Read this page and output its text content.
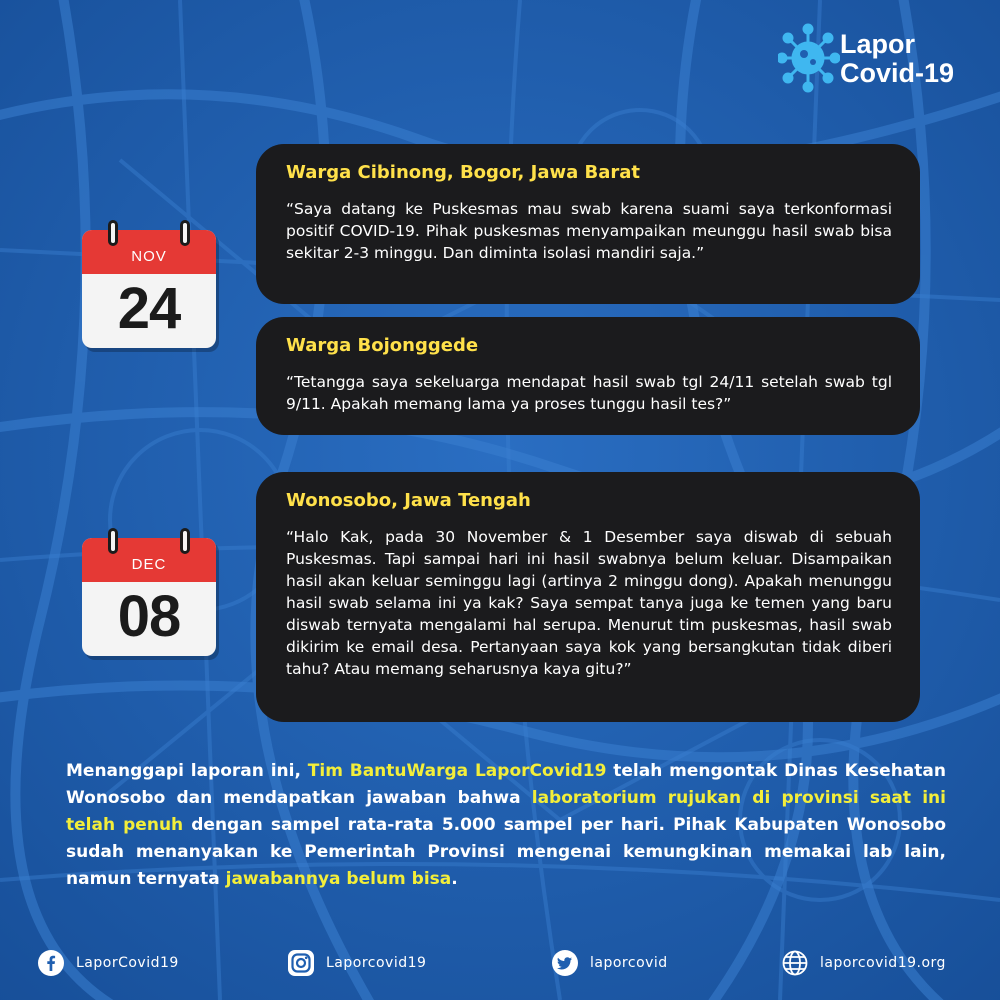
Lapor
Covid-19
NOV
24
DEC
08
Warga Cibinong, Bogor, Jawa Barat
“Saya datang ke Puskesmas mau swab karena suami saya terkonformasi positif COVID-19. Pihak puskesmas menyampaikan meunggu hasil swab bisa sekitar 2-3 minggu. Dan diminta isolasi mandiri saja.”
Warga Bojonggede
“Tetangga saya sekeluarga mendapat hasil swab tgl 24/11 setelah swab tgl 9/11. Apakah memang lama ya proses tunggu hasil tes?”
Wonosobo, Jawa Tengah
“Halo Kak, pada 30 November & 1 Desember saya diswab di sebuah Puskesmas. Tapi sampai hari ini hasil swabnya belum keluar. Disampaikan hasil akan keluar seminggu lagi (artinya 2 minggu dong). Apakah menunggu hasil swab selama ini ya kak? Saya sempat tanya juga ke temen yang baru diswab ternyata mengalami hal serupa. Menurut tim puskesmas, hasil swab dikirim ke email desa. Pertanyaan saya kok yang bersangkutan tidak diberi tahu? Atau memang seharusnya kaya gitu?”

Menanggapi laporan ini, Tim BantuWarga LaporCovid19 telah mengontak Dinas Kesehatan Wonosobo dan mendapatkan jawaban bahwa laboratorium rujukan di provinsi saat ini telah penuh dengan sampel rata-rata 5.000 sampel per hari. Pihak Kabupaten Wonosobo sudah menanyakan ke Pemerintah Provinsi mengenai kemungkinan memakai lab lain, namun ternyata jawabannya belum bisa.

LaporCovid19	Laporcovid19	laporcovid	laporcovid19.org
